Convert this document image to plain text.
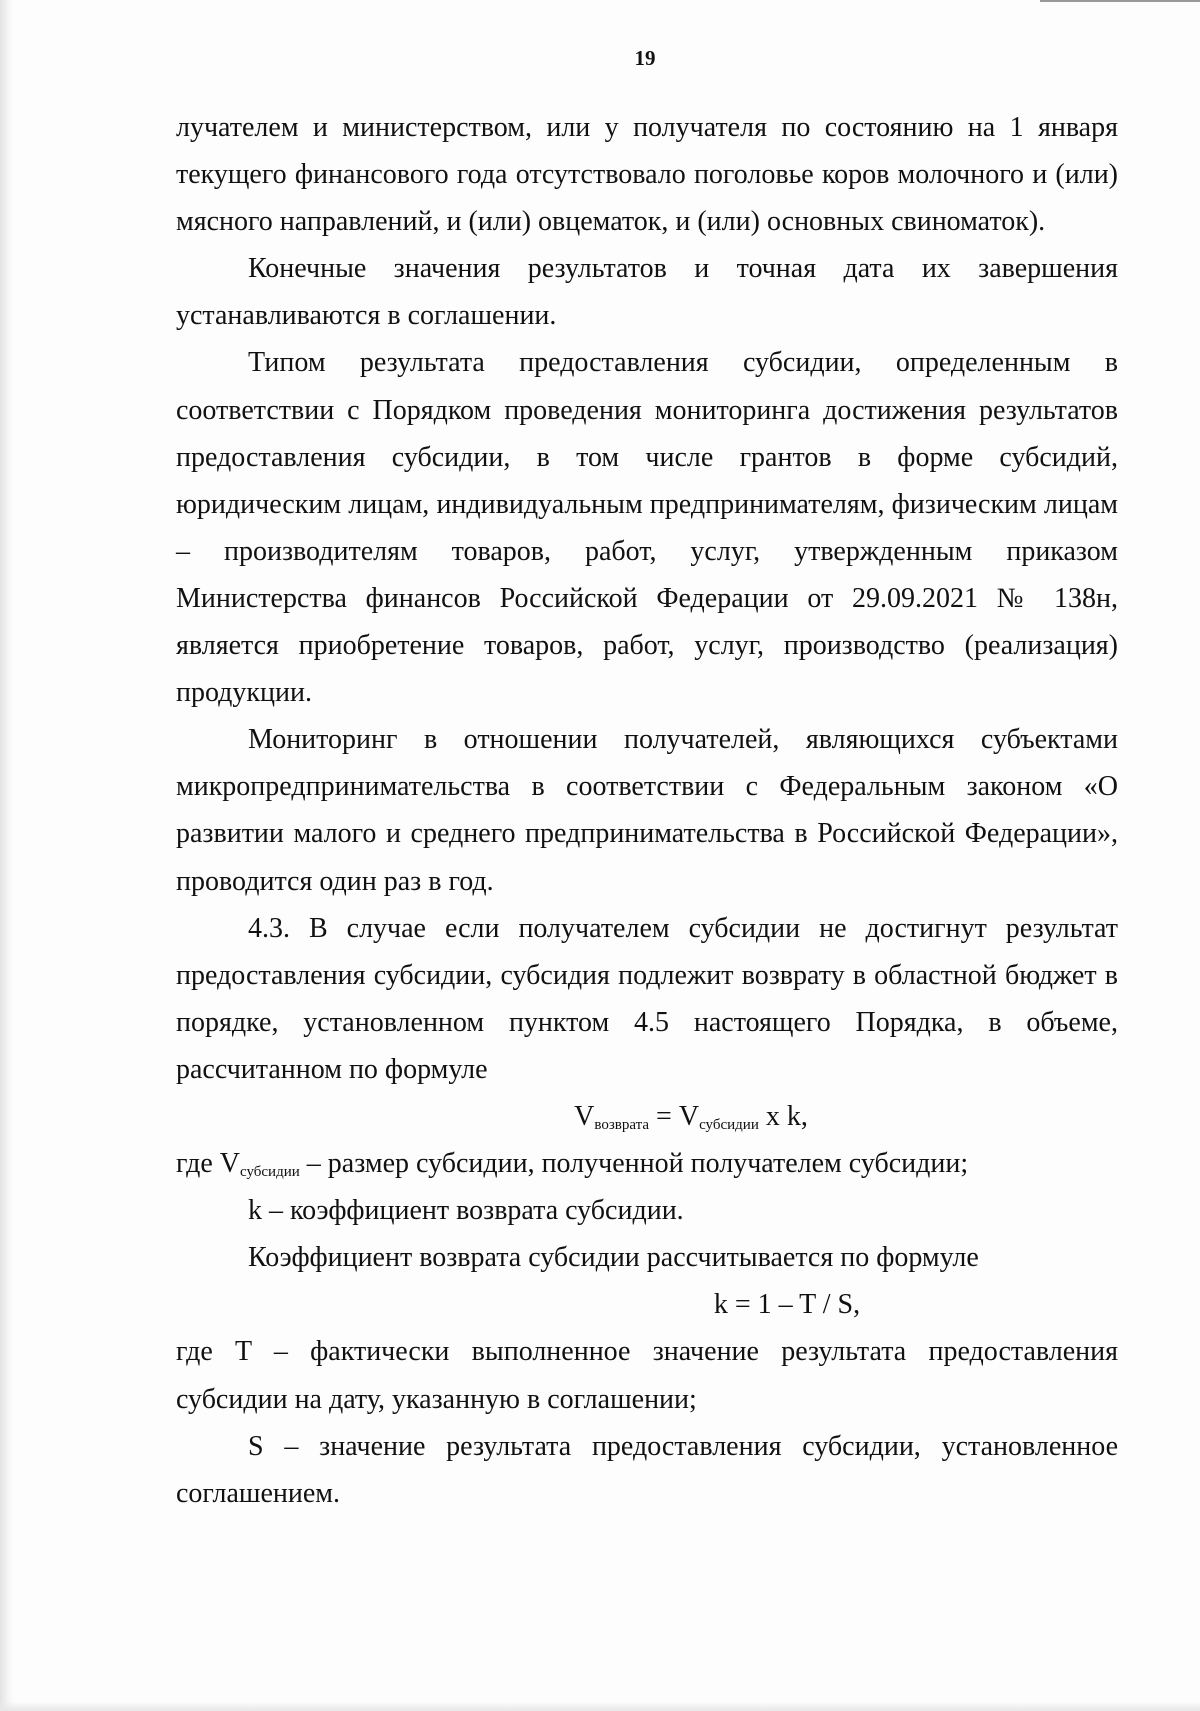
19

лучателем и министерством, или у получателя по состоянию на 1 января текущего финансового года отсутствовало поголовье коров молочного и (или) мясного направлений, и (или) овцематок, и (или) основных свиноматок).

Конечные значения результатов и точная дата их завершения устанавливаются в соглашении.

Типом результата предоставления субсидии, определенным в соответствии с Порядком проведения мониторинга достижения результатов предоставления субсидии, в том числе грантов в форме субсидий, юридическим лицам, индивидуальным предпринимателям, физическим лицам – производителям товаров, работ, услуг, утвержденным приказом Министерства финансов Российской Федерации от 29.09.2021 № 138н, является приобретение товаров, работ, услуг, производство (реализация) продукции.

Мониторинг в отношении получателей, являющихся субъектами микропредпринимательства в соответствии с Федеральным законом «О развитии малого и среднего предпринимательства в Российской Федерации», проводится один раз в год.

4.3. В случае если получателем субсидии не достигнут результат предоставления субсидии, субсидия подлежит возврату в областной бюджет в порядке, установленном пунктом 4.5 настоящего Порядка, в объеме, рассчитанном по формуле

$V_{возврата} = V_{субсидии}$ x k,

где $V_{субсидии}$ – размер субсидии, полученной получателем субсидии;

k – коэффициент возврата субсидии.

Коэффициент возврата субсидии рассчитывается по формуле

k = 1 – T / S,

где T – фактически выполненное значение результата предоставления субсидии на дату, указанную в соглашении;

S – значение результата предоставления субсидии, установленное соглашением.
